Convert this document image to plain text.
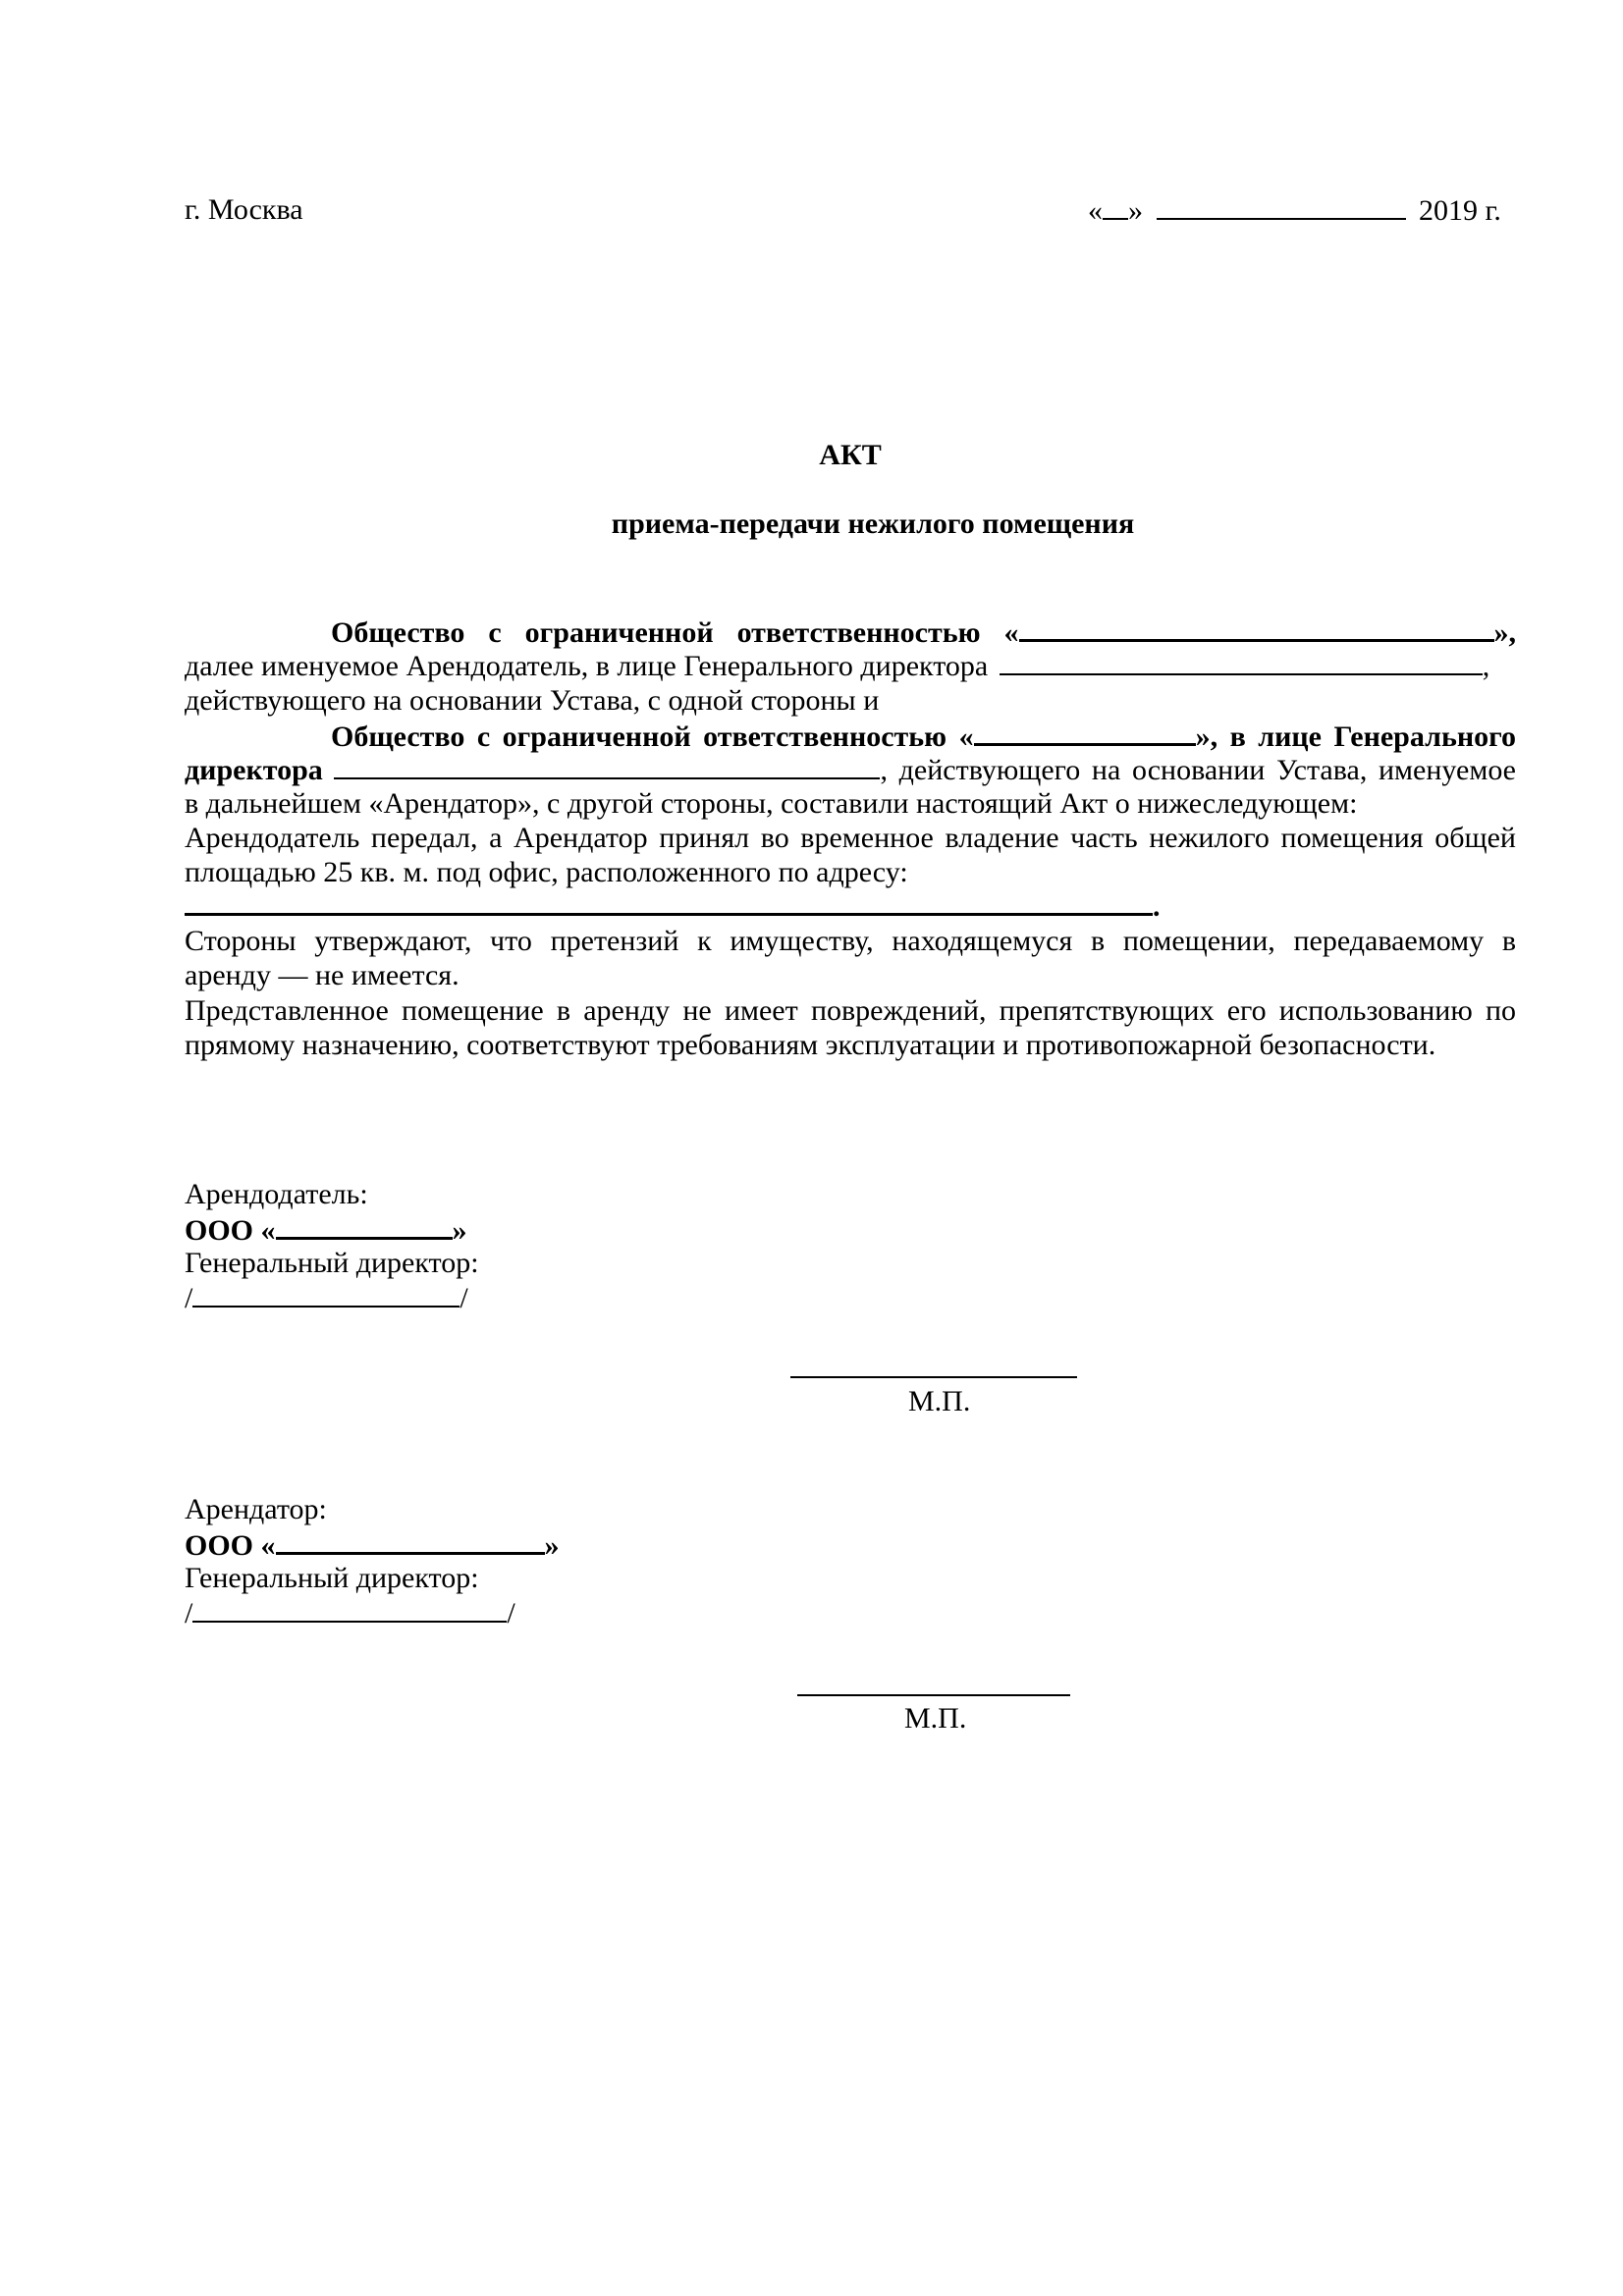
г. Москва	« »	2019 г.
АКТ
приема-передачи нежилого помещения
Общество с ограниченной ответственностью «	»,
далее именуемое Арендодатель, в лице Генерального директора	,
действующего на основании Устава, с одной стороны и
Общество с ограниченной ответственностью «	», в лице Генерального
директора	, действующего на основании Устава, именуемое
в дальнейшем «Арендатор», с другой стороны, составили настоящий Акт о нижеследующем:
Арендодатель передал, а Арендатор принял во временное владение часть нежилого помещения общей
площадью 25 кв. м. под офис, расположенного по адресу:
.
Стороны утверждают, что претензий к имуществу, находящемуся в помещении, передаваемому в
аренду — не имеется.
Представленное помещение в аренду не имеет повреждений, препятствующих его использованию по
прямому назначению, соответствуют требованиям эксплуатации и противопожарной безопасности.
Арендодатель:
ООО «	»
Генеральный директор:
/	/
М.П.
Арендатор:
ООО «	»
Генеральный директор:
/	/
М.П.
